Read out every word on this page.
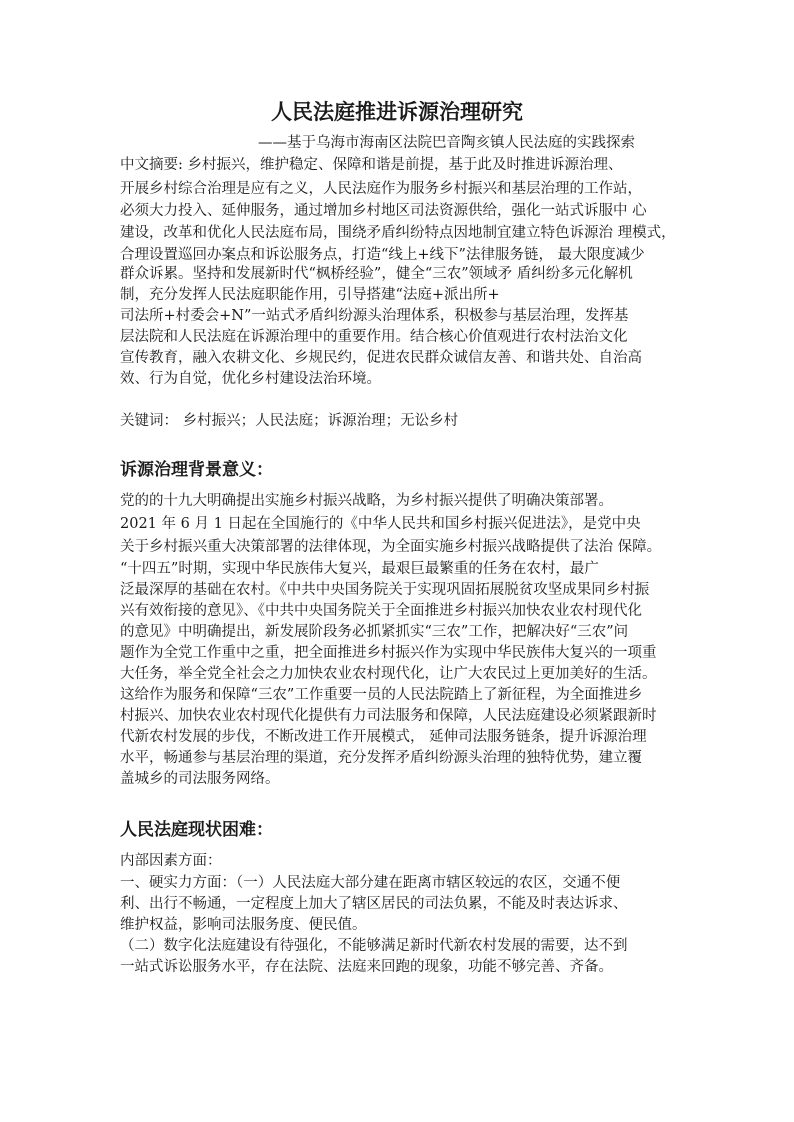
人民法庭推进诉源治理研究
——基于乌海市海南区法院巴音陶亥镇人民法庭的实践探索
中文摘要: 乡村振兴，维护稳定、保障和谐是前提，基于此及时推进诉源治理、
开展乡村综合治理是应有之义，人民法庭作为服务乡村振兴和基层治理的工作站，
必须大力投入、延伸服务，通过增加乡村地区司法资源供给，强化一站式诉服中 心
建设，改革和优化人民法庭布局，围绕矛盾纠纷特点因地制宜建立特色诉源治 理模式，
合理设置巡回办案点和诉讼服务点，打造“线上+线下”法律服务链， 最大限度减少
群众诉累。坚持和发展新时代“枫桥经验”，健全“三农”领域矛 盾纠纷多元化解机
制，充分发挥人民法庭职能作用，引导搭建“法庭+派出所+
司法所+村委会+N”一站式矛盾纠纷源头治理体系，积极参与基层治理，发挥基
层法院和人民法庭在诉源治理中的重要作用。结合核心价值观进行农村法治文化
宣传教育，融入农耕文化、乡规民约，促进农民群众诚信友善、和谐共处、自治高
效、行为自觉，优化乡村建设法治环境。
关键词： 乡村振兴；人民法庭；诉源治理；无讼乡村
诉源治理背景意义：
党的的十九大明确提出实施乡村振兴战略，为乡村振兴提供了明确决策部署。
2021 年 6 月 1 日起在全国施行的《中华人民共和国乡村振兴促进法》，是党中央
关于乡村振兴重大决策部署的法律体现，为全面实施乡村振兴战略提供了法治 保障。
“十四五”时期，实现中华民族伟大复兴，最艰巨最繁重的任务在农村，最广
泛最深厚的基础在农村。《中共中央国务院关于实现巩固拓展脱贫攻坚成果同乡村振
兴有效衔接的意见》、《中共中央国务院关于全面推进乡村振兴加快农业农村现代化
的意见》中明确提出，新发展阶段务必抓紧抓实“三农”工作，把解决好“三农”问
题作为全党工作重中之重，把全面推进乡村振兴作为实现中华民族伟大复兴的一项重
大任务，举全党全社会之力加快农业农村现代化，让广大农民过上更加美好的生活。
这给作为服务和保障“三农”工作重要一员的人民法院踏上了新征程，为全面推进乡
村振兴、加快农业农村现代化提供有力司法服务和保障，人民法庭建设必须紧跟新时
代新农村发展的步伐，不断改进工作开展模式， 延伸司法服务链条，提升诉源治理
水平，畅通参与基层治理的渠道，充分发挥矛盾纠纷源头治理的独特优势，建立覆
盖城乡的司法服务网络。
人民法庭现状困难：
内部因素方面：
一、硬实力方面：（一）人民法庭大部分建在距离市辖区较远的农区，交通不便
利、出行不畅通，一定程度上加大了辖区居民的司法负累，不能及时表达诉求、
维护权益，影响司法服务度、便民值。
（二）数字化法庭建设有待强化，不能够满足新时代新农村发展的需要，达不到
一站式诉讼服务水平，存在法院、法庭来回跑的现象，功能不够完善、齐备。
